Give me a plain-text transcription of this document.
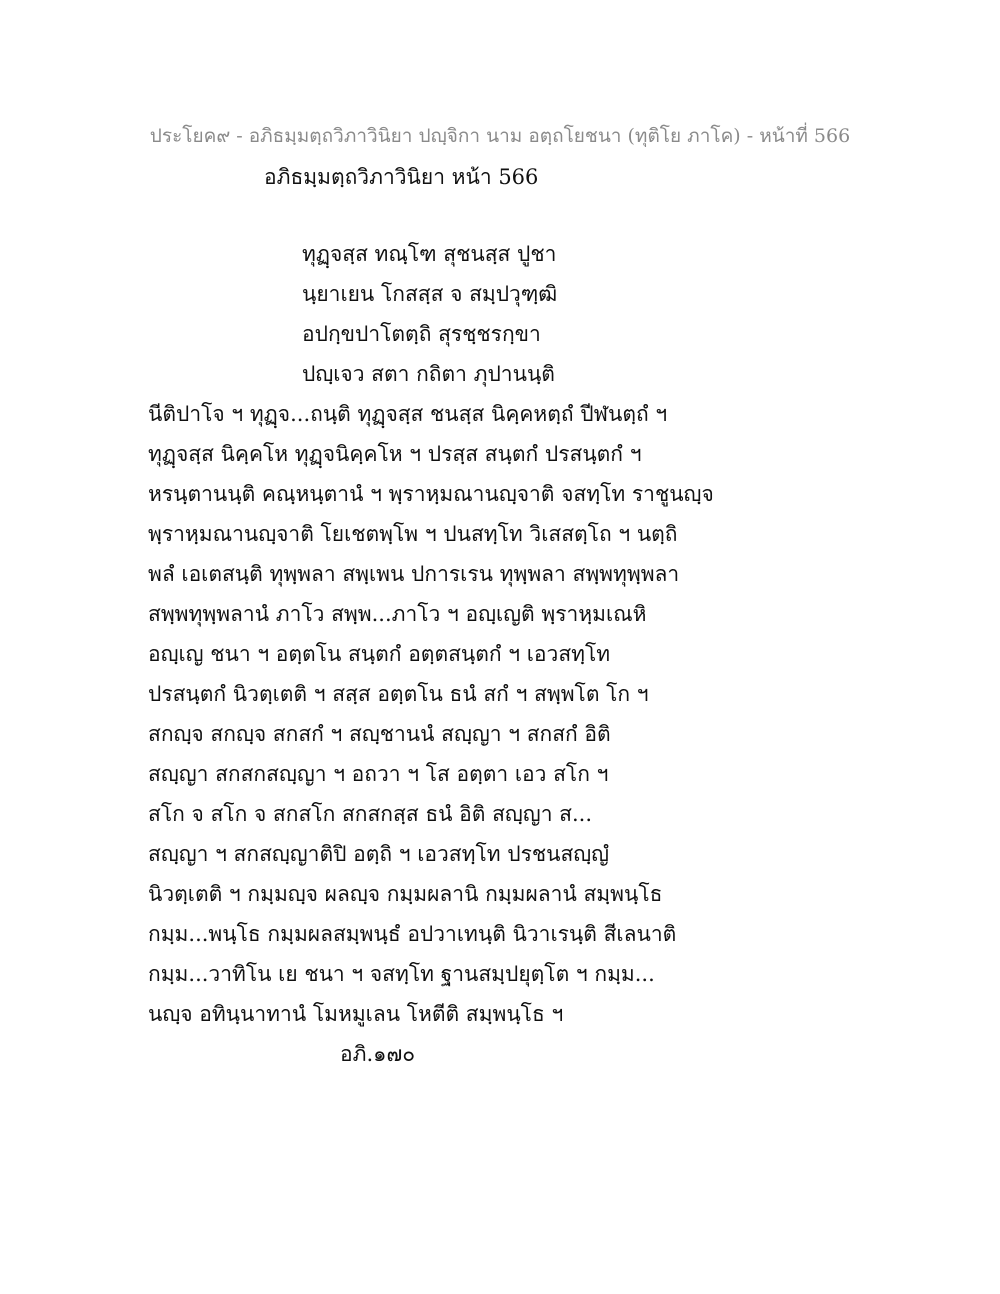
ประโยค๙ - อภิธมฺมตฺถวิภาวินิยา ปญฺจิกา นาม อตฺถโยชนา (ทุติโย ภาโค) - หน้าที่ 566
อภิธมฺมตฺถวิภาวินิยา หน้า 566
ทุฏฺจสฺส ทณฺโฑ สุชนสฺส ปูชา
นฺยาเยน โกสสฺส จ สมฺปวุฑฺฒิ
อปกฺขปาโตตฺถิ สุรชฺชรกฺขา
ปญฺเจว สตา กถิตา ภุปานนฺติ
นีติปาโจ ฯ ทุฏฺจ...ถนฺติ ทุฏฺจสฺส ชนสฺส นิคฺคหตฺถํ ปีฬนตฺถํ ฯ
ทุฏฺจสฺส นิคฺคโห ทุฏฺจนิคฺคโห ฯ ปรสฺส สนฺตกํ ปรสนฺตกํ ฯ
หรนฺตานนฺติ คณฺหนฺตานํ ฯ พฺราหฺมณานญฺจาติ จสทฺโท ราชูนญฺจ
พฺราหฺมณานญฺจาติ โยเชตพฺโพ ฯ ปนสทฺโท วิเสสตฺโถ ฯ นตฺถิ
พลํ เอเตสนฺติ ทุพฺพลา สพฺเพน ปการเรน ทุพฺพลา สพฺพทุพฺพลา
สพฺพทุพฺพลานํ ภาโว สพฺพ...ภาโว ฯ อญฺเญติ พฺราหฺมเณหิ
อญฺเญ ชนา ฯ อตฺตโน สนฺตกํ อตฺตสนฺตกํ ฯ เอวสทฺโท
ปรสนฺตกํ นิวตฺเตติ ฯ สสฺส อตฺตโน ธนํ สกํ ฯ สพฺพโต โก ฯ
สกญฺจ สกญฺจ สกสกํ ฯ สญฺชานนํ สญฺญา ฯ สกสกํ อิติ
สญฺญา สกสกสญฺญา ฯ อถวา ฯ โส อตฺตา เอว สโก ฯ
สโก จ สโก จ สกสโก สกสกสฺส ธนํ อิติ สญฺญา ส...
สญฺญา ฯ สกสญฺญาติปิ อตฺถิ ฯ เอวสทฺโท ปรชนสญฺญํ
นิวตฺเตติ ฯ กมฺมญฺจ ผลญฺจ กมฺมผลานิ กมฺมผลานํ สมฺพนฺโธ
กมฺม...พนฺโธ กมฺมผลสมฺพนฺธํ อปวาเทนฺติ นิวาเรนฺติ สีเลนาติ
กมฺม...วาทิโน เย ชนา ฯ จสทฺโท ฐานสมฺปยุตฺโต ฯ กมฺม...
นญฺจ อทินฺนาทานํ โมหมูเลน โหตีติ สมฺพนฺโธ ฯ
อภิ.๑๗๐
